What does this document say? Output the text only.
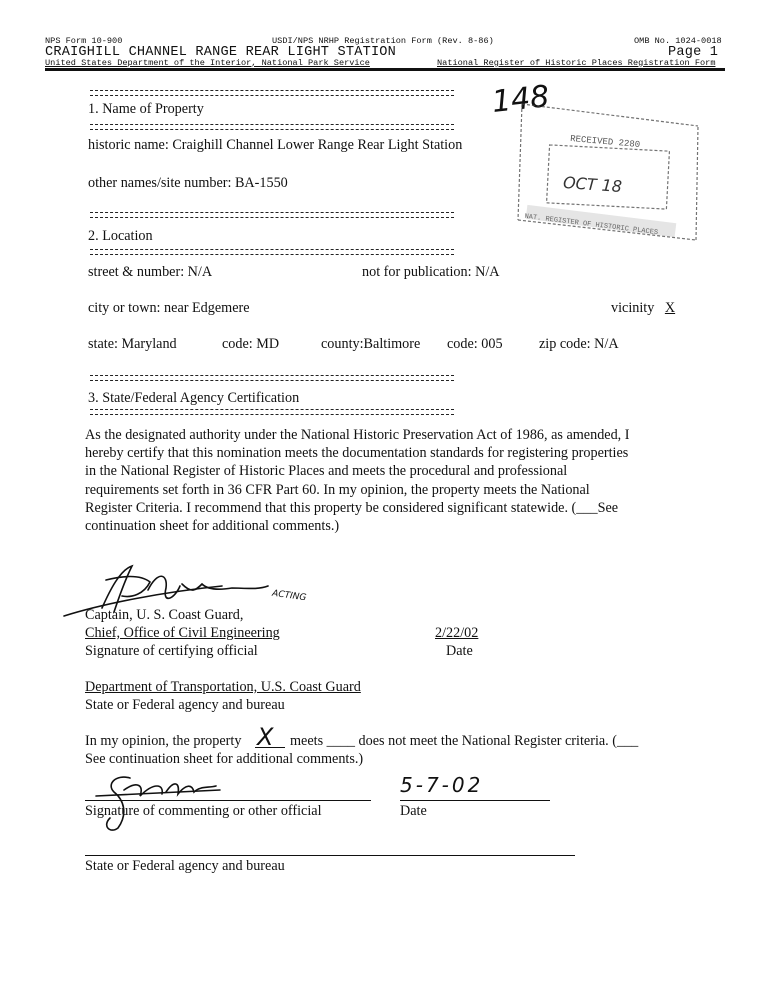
NPS Form 10-900	USDI/NPS NRHP Registration Form (Rev. 8-86)	OMB No. 1024-0018
CRAIGHILL CHANNEL RANGE REAR LIGHT STATION	Page 1
United States Department of the Interior, National Park Service	National Register of Historic Places Registration Form
148
RECEIVED 2280
OCT 18
NAT. REGISTER OF HISTORIC PLACES
1. Name of Property
historic name: Craighill Channel Lower Range Rear Light Station
other names/site number: BA-1550
2. Location
street & number: N/A	not for publication: N/A
city or town: near Edgemere	vicinity X
state: Maryland	code: MD	county:Baltimore code: 005	zip code: N/A
3. State/Federal Agency Certification
As the designated authority under the National Historic Preservation Act of 1986, as amended, I
hereby certify that this nomination meets the documentation standards for registering properties
in the National Register of Historic Places and meets the procedural and professional
requirements set forth in 36 CFR Part 60. In my opinion, the property meets the National
Register Criteria. I recommend that this property be considered significant statewide. (___See
continuation sheet for additional comments.)
ACTING
Captain, U. S. Coast Guard,
Chief, Office of Civil Engineering	2/22/02
Signature of certifying official	Date
Department of Transportation, U.S. Coast Guard
State or Federal agency and bureau
In my opinion, the property X meets ____ does not meet the National Register criteria. (___
See continuation sheet for additional comments.)
5-7-02
Signature of commenting or other official	Date
State or Federal agency and bureau
